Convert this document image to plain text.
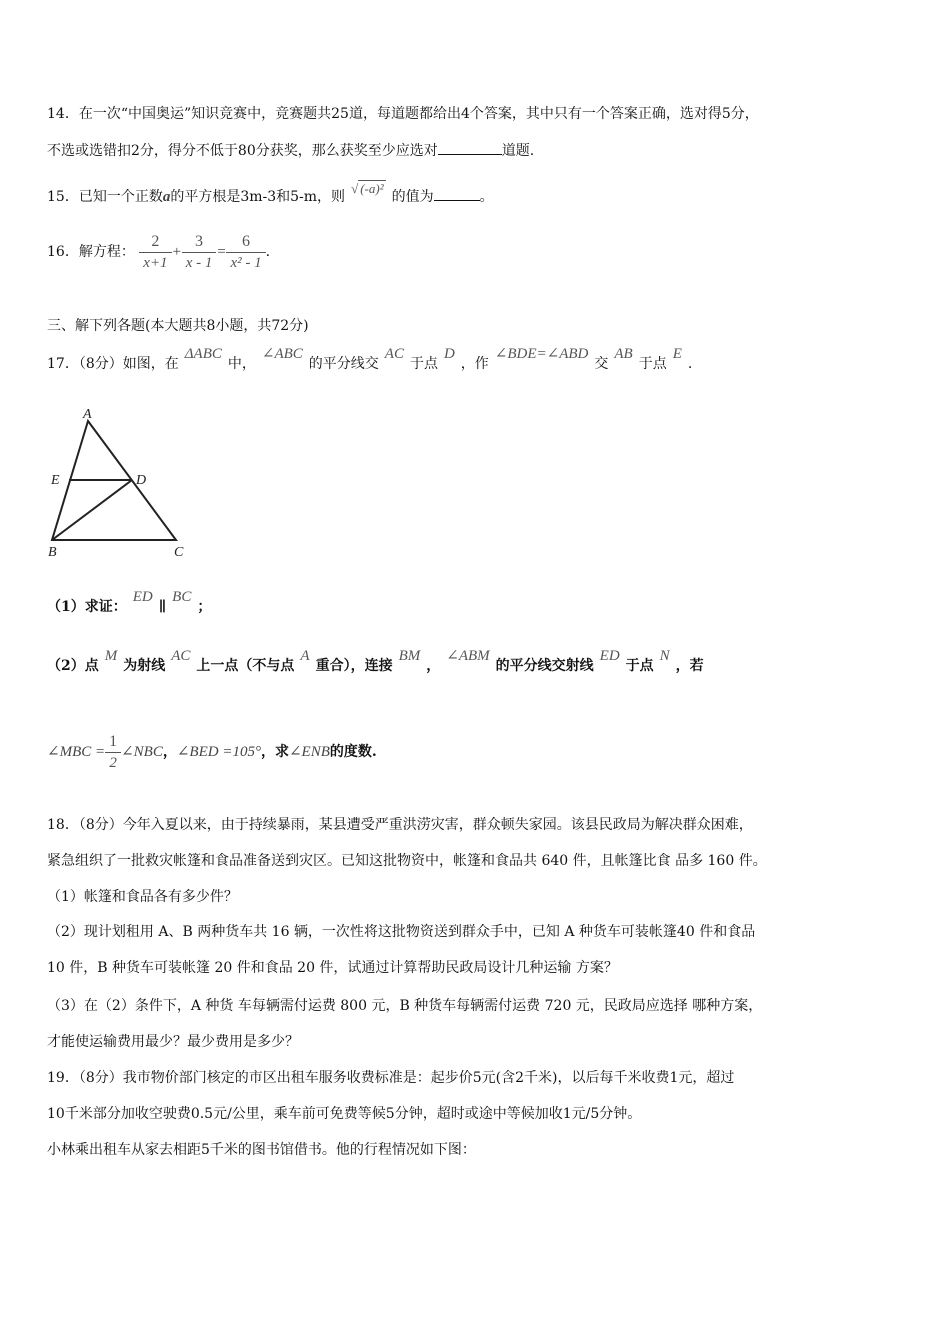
14．在一次“中国奥运”知识竞赛中，竞赛题共25道，每道题都给出4个答案，其中只有一个答案正确，选对得5分，
不选或选错扣2分，得分不低于80分获奖，那么获奖至少应选对	道题.
15．已知一个正数a的平方根是3m-3和5-m，则√ (-a)²的值为	。
16．解方程： $\frac{2}{x+1} + \frac{3}{x - 1} = \frac{6}{\text{x² - 1}}$ .
三、解下列各题(本大题共8小题，共72分)
17．（8分）如图，在ΔABC中，∠ABC的平分线交AC于点D，作∠BDE=∠ABD交AB于点E.
A
E	D
B	C
（1）求证：ED∥BC；
（2）点M为射线AC上一点（不与点A重合），连接BM，∠ABM的平分线交射线ED于点N，若
∠MBC = $\frac{1}{2}$ ∠NBC，∠BED =105°，求∠ENB的度数.
18．（8分）今年入夏以来，由于持续暴雨，某县遭受严重洪涝灾害，群众顿失家园。该县民政局为解决群众困难，
紧急组织了一批救灾帐篷和食品准备送到灾区。已知这批物资中，帐篷和食品共 640 件，且帐篷比食 品多 160 件。
（1）帐篷和食品各有多少件？
（2）现计划租用 A、B 两种货车共 16 辆，一次性将这批物资送到群众手中，已知 A 种货车可装帐篷40 件和食品
10 件，B 种货车可装帐篷 20 件和食品 20 件，试通过计算帮助民政局设计几种运输 方案？
（3）在（2）条件下，A 种货 车每辆需付运费 800 元，B 种货车每辆需付运费 720 元，民政局应选择 哪种方案，
才能使运输费用最少？最少费用是多少？
19．（8分）我市物价部门核定的市区出租车服务收费标准是：起步价5元(含2千米)，以后每千米收费1元，超过
10千米部分加收空驶费0.5元/公里，乘车前可免费等候5分钟，超时或途中等候加收1元/5分钟。
小林乘出租车从家去相距5千米的图书馆借书。他的行程情况如下图：
